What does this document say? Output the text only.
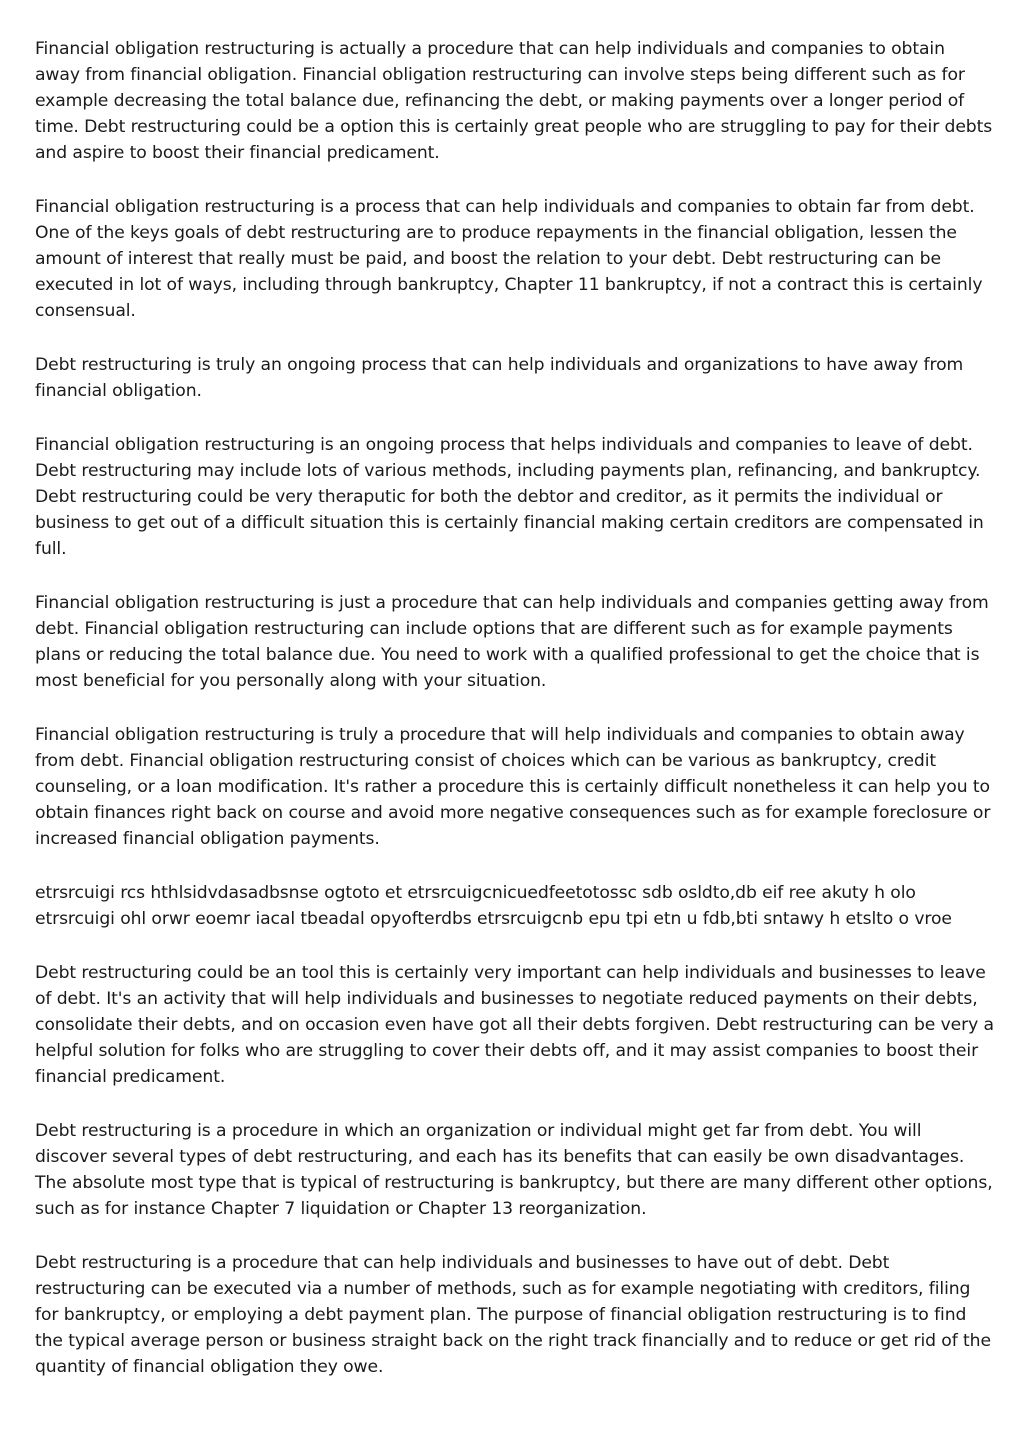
Financial obligation restructuring is actually a procedure that can help individuals and companies to obtain away from financial obligation. Financial obligation restructuring can involve steps being different such as for example decreasing the total balance due, refinancing the debt, or making payments over a longer period of time. Debt restructuring could be a option this is certainly great people who are struggling to pay for their debts and aspire to boost their financial predicament.

Financial obligation restructuring is a process that can help individuals and companies to obtain far from debt. One of the keys goals of debt restructuring are to produce repayments in the financial obligation, lessen the amount of interest that really must be paid, and boost the relation to your debt. Debt restructuring can be executed in lot of ways, including through bankruptcy, Chapter 11 bankruptcy, if not a contract this is certainly consensual.

Debt restructuring is truly an ongoing process that can help individuals and organizations to have away from financial obligation.

Financial obligation restructuring is an ongoing process that helps individuals and companies to leave of debt. Debt restructuring may include lots of various methods, including payments plan, refinancing, and bankruptcy. Debt restructuring could be very theraputic for both the debtor and creditor, as it permits the individual or business to get out of a difficult situation this is certainly financial making certain creditors are compensated in full.

Financial obligation restructuring is just a procedure that can help individuals and companies getting away from debt. Financial obligation restructuring can include options that are different such as for example payments plans or reducing the total balance due. You need to work with a qualified professional to get the choice that is most beneficial for you personally along with your situation.

Financial obligation restructuring is truly a procedure that will help individuals and companies to obtain away from debt. Financial obligation restructuring consist of choices which can be various as bankruptcy, credit counseling, or a loan modification. It's rather a procedure this is certainly difficult nonetheless it can help you to obtain finances right back on course and avoid more negative consequences such as for example foreclosure or increased financial obligation payments.

etrsrcuigi rcs hthlsidvdasadbsnse ogtoto et etrsrcuigcnicuedfeetotossc sdb osldto,db eif ree akuty h olo etrsrcuigi ohl orwr eoemr iacal tbeadal opyofterdbs etrsrcuigcnb epu tpi etn u fdb,bti sntawy h etslto o vroe

Debt restructuring could be an tool this is certainly very important can help individuals and businesses to leave of debt. It's an activity that will help individuals and businesses to negotiate reduced payments on their debts, consolidate their debts, and on occasion even have got all their debts forgiven. Debt restructuring can be very a helpful solution for folks who are struggling to cover their debts off, and it may assist companies to boost their financial predicament.

Debt restructuring is a procedure in which an organization or individual might get far from debt. You will discover several types of debt restructuring, and each has its benefits that can easily be own disadvantages. The absolute most type that is typical of restructuring is bankruptcy, but there are many different other options, such as for instance Chapter 7 liquidation or Chapter 13 reorganization.

Debt restructuring is a procedure that can help individuals and businesses to have out of debt. Debt restructuring can be executed via a number of methods, such as for example negotiating with creditors, filing for bankruptcy, or employing a debt payment plan. The purpose of financial obligation restructuring is to find the typical average person or business straight back on the right track financially and to reduce or get rid of the quantity of financial obligation they owe.
